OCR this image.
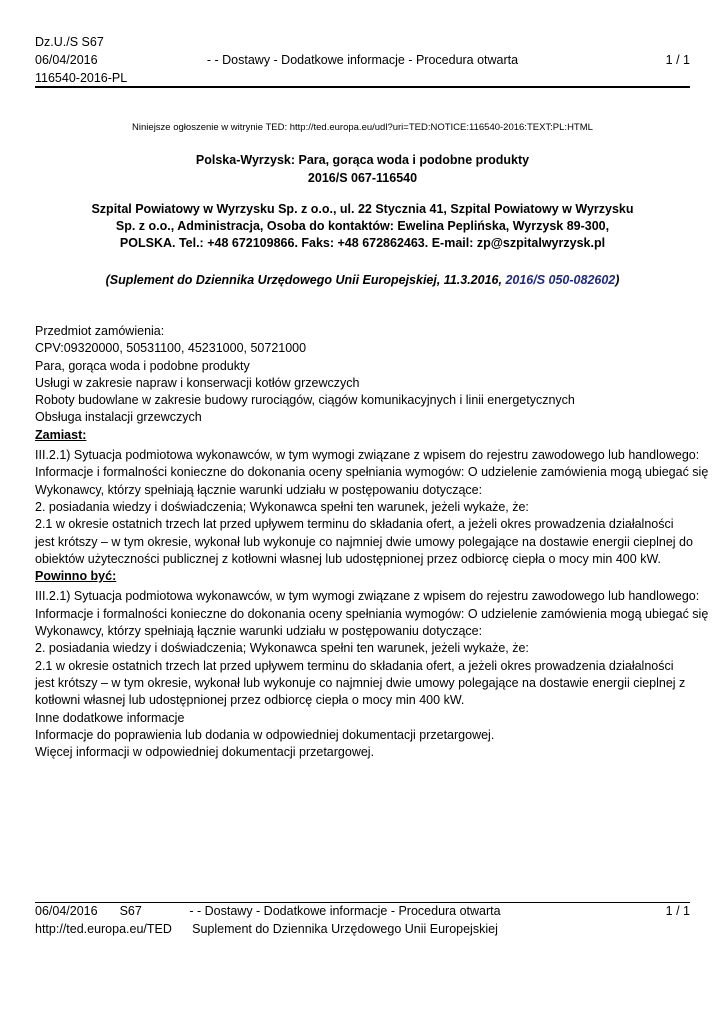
Dz.U./S S67
06/04/2016
116540-2016-PL
- - Dostawy - Dodatkowe informacje - Procedura otwarta	1 / 1
Niniejsze ogłoszenie w witrynie TED: http://ted.europa.eu/udl?uri=TED:NOTICE:116540-2016:TEXT:PL:HTML
Polska-Wyrzysk: Para, gorąca woda i podobne produkty
2016/S 067-116540
Szpital Powiatowy w Wyrzysku Sp. z o.o., ul. 22 Stycznia 41, Szpital Powiatowy w Wyrzysku
Sp. z o.o., Administracja, Osoba do kontaktów: Ewelina Peplińska, Wyrzysk 89-300,
POLSKA. Tel.: +48 672109866. Faks: +48 672862463. E-mail: zp@szpitalwyrzysk.pl
(Suplement do Dziennika Urzędowego Unii Europejskiej, 11.3.2016, 2016/S 050-082602)
Przedmiot zamówienia:
CPV:09320000, 50531100, 45231000, 50721000
Para, gorąca woda i podobne produkty
Usługi w zakresie napraw i konserwacji kotłów grzewczych
Roboty budowlane w zakresie budowy rurociągów, ciągów komunikacyjnych i linii energetycznych
Obsługa instalacji grzewczych
Zamiast:
III.2.1) Sytuacja podmiotowa wykonawców, w tym wymogi związane z wpisem do rejestru zawodowego lub handlowego:
Informacje i formalności konieczne do dokonania oceny spełniania wymogów: O udzielenie zamówienia mogą ubiegać się
Wykonawcy, którzy spełniają łącznie warunki udziału w postępowaniu dotyczące:
2. posiadania wiedzy i doświadczenia; Wykonawca spełni ten warunek, jeżeli wykaże, że:
2.1 w okresie ostatnich trzech lat przed upływem terminu do składania ofert, a jeżeli okres prowadzenia działalności
jest krótszy – w tym okresie, wykonał lub wykonuje co najmniej dwie umowy polegające na dostawie energii cieplnej do
obiektów użyteczności publicznej z kotłowni własnej lub udostępnionej przez odbiorcę ciepła o mocy min 400 kW.
Powinno być:
III.2.1) Sytuacja podmiotowa wykonawców, w tym wymogi związane z wpisem do rejestru zawodowego lub handlowego:
Informacje i formalności konieczne do dokonania oceny spełniania wymogów: O udzielenie zamówienia mogą ubiegać się
Wykonawcy, którzy spełniają łącznie warunki udziału w postępowaniu dotyczące:
2. posiadania wiedzy i doświadczenia; Wykonawca spełni ten warunek, jeżeli wykaże, że:
2.1 w okresie ostatnich trzech lat przed upływem terminu do składania ofert, a jeżeli okres prowadzenia działalności
jest krótszy – w tym okresie, wykonał lub wykonuje co najmniej dwie umowy polegające na dostawie energii cieplnej z
kotłowni własnej lub udostępnionej przez odbiorcę ciepła o mocy min 400 kW.
Inne dodatkowe informacje
Informacje do poprawienia lub dodania w odpowiedniej dokumentacji przetargowej.
Więcej informacji w odpowiedniej dokumentacji przetargowej.
06/04/2016 S67
http://ted.europa.eu/TED
- - Dostawy - Dodatkowe informacje - Procedura otwarta
Suplement do Dziennika Urzędowego Unii Europejskiej
1 / 1
